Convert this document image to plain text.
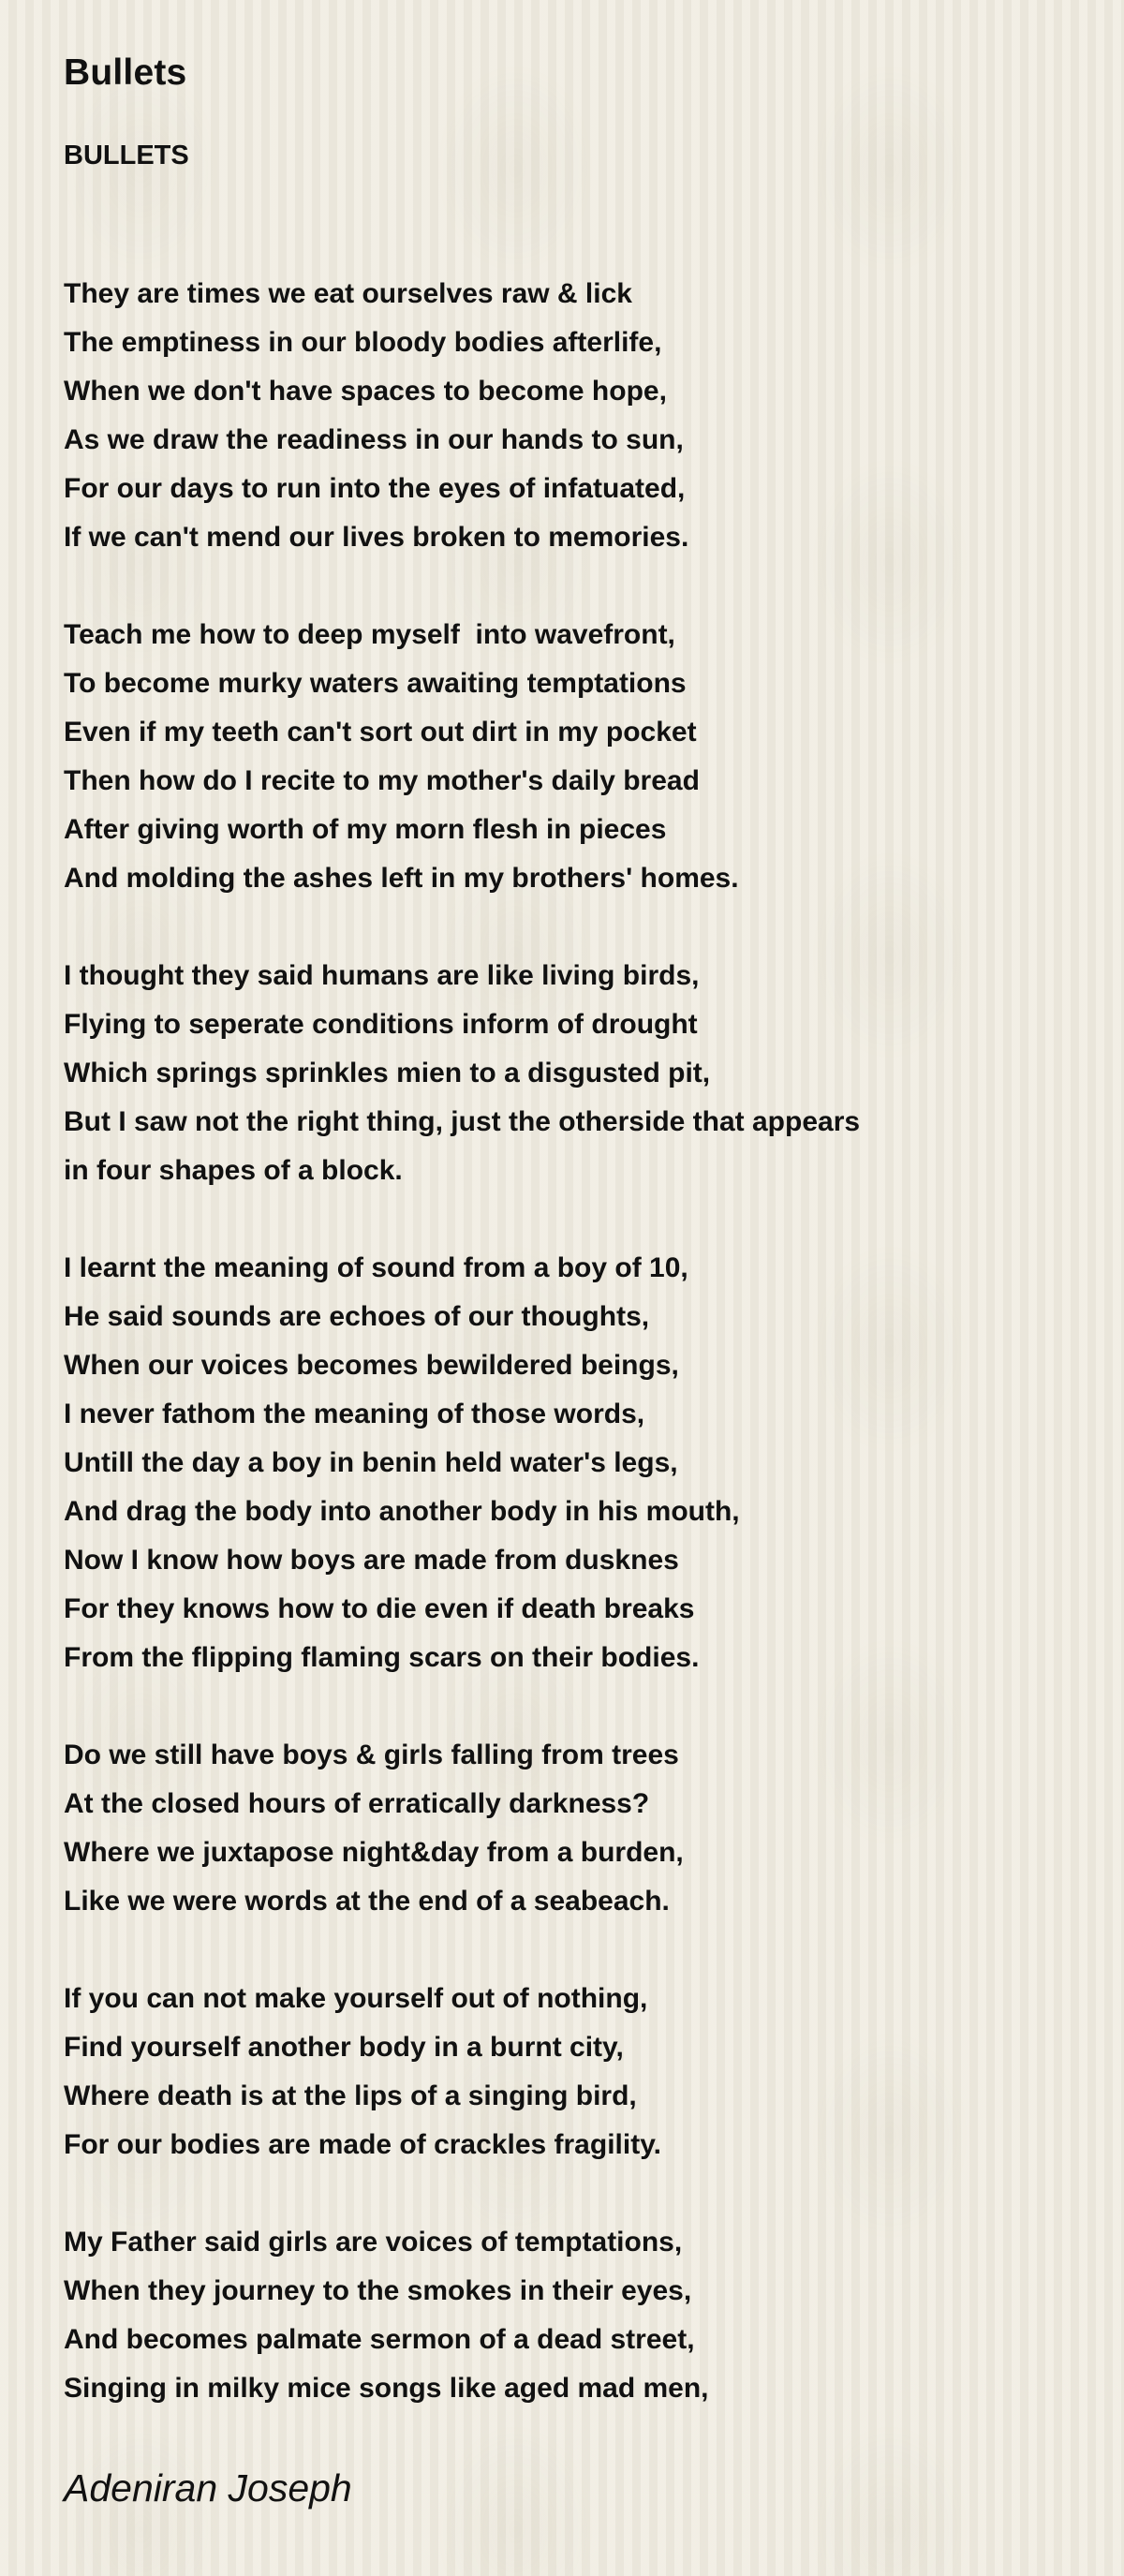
Bullets
BULLETS
They are times we eat ourselves raw & lick
The emptiness in our bloody bodies afterlife,
When we don't have spaces to become hope,
As we draw the readiness in our hands to sun,
For our days to run into the eyes of infatuated,
If we can't mend our lives broken to memories.
Teach me how to deep myself  into wavefront,
To become murky waters awaiting temptations
Even if my teeth can't sort out dirt in my pocket
Then how do I recite to my mother's daily bread
After giving worth of my morn flesh in pieces
And molding the ashes left in my brothers' homes.
I thought they said humans are like living birds,
Flying to seperate conditions inform of drought
Which springs sprinkles mien to a disgusted pit,
But I saw not the right thing, just the otherside that appears
in four shapes of a block.
I learnt the meaning of sound from a boy of 10,
He said sounds are echoes of our thoughts,
When our voices becomes bewildered beings,
I never fathom the meaning of those words,
Untill the day a boy in benin held water's legs,
And drag the body into another body in his mouth,
Now I know how boys are made from dusknes
For they knows how to die even if death breaks
From the flipping flaming scars on their bodies.
Do we still have boys & girls falling from trees
At the closed hours of erratically darkness?
Where we juxtapose night&day from a burden,
Like we were words at the end of a seabeach.
If you can not make yourself out of nothing,
Find yourself another body in a burnt city,
Where death is at the lips of a singing bird,
For our bodies are made of crackles fragility.
My Father said girls are voices of temptations,
When they journey to the smokes in their eyes,
And becomes palmate sermon of a dead street,
Singing in milky mice songs like aged mad men,
Adeniran Joseph
